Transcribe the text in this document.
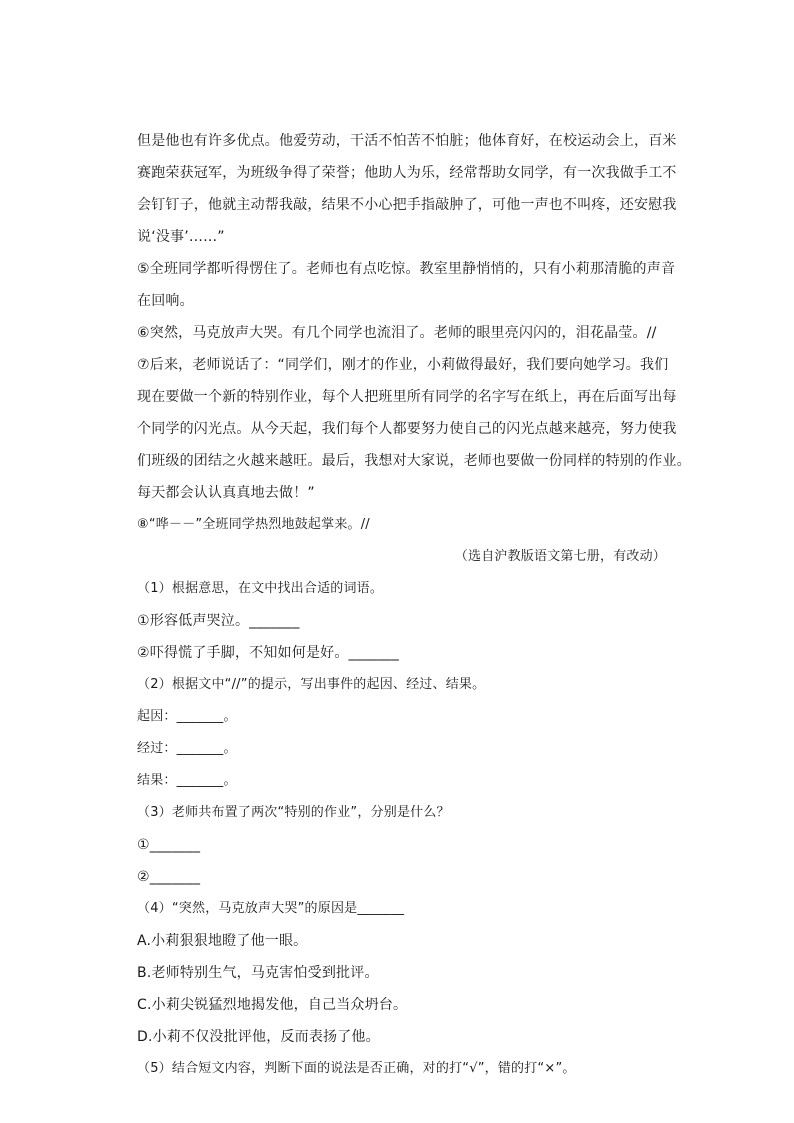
但是他也有许多优点。他爱劳动，干活不怕苦不怕脏；他体育好，在校运动会上，百米
赛跑荣获冠军，为班级争得了荣誉；他助人为乐，经常帮助女同学，有一次我做手工不
会钉钉子，他就主动帮我敲，结果不小心把手指敲肿了，可他一声也不叫疼，还安慰我
说‘没事’……”
⑤全班同学都听得愣住了。老师也有点吃惊。教室里静悄悄的，只有小莉那清脆的声音
在回响。
⑥突然，马克放声大哭。有几个同学也流泪了。老师的眼里亮闪闪的，泪花晶莹。//
⑦后来，老师说话了：“同学们，刚才的作业，小莉做得最好，我们要向她学习。我们
现在要做一个新的特别作业，每个人把班里所有同学的名字写在纸上，再在后面写出每
个同学的闪光点。从今天起，我们每个人都要努力使自己的闪光点越来越亮，努力使我
们班级的团结之火越来越旺。最后，我想对大家说，老师也要做一份同样的特别的作业。
每天都会认认真真地去做！”
⑧“哗－－”全班同学热烈地鼓起掌来。//
（选自沪教版语文第七册，有改动）
（1）根据意思，在文中找出合适的词语。
①形容低声哭泣。_______
②吓得慌了手脚，不知如何是好。_______
（2）根据文中“//”的提示，写出事件的起因、经过、结果。
起因：_______。
经过：_______。
结果：_______。
（3）老师共布置了两次“特别的作业”，分别是什么？
①_______
②_______
（4）“突然，马克放声大哭”的原因是_______
A.小莉狠狠地瞪了他一眼。
B.老师特别生气，马克害怕受到批评。
C.小莉尖锐猛烈地揭发他，自己当众坍台。
D.小莉不仅没批评他，反而表扬了他。
（5）结合短文内容，判断下面的说法是否正确，对的打“√”，错的打“×”。
